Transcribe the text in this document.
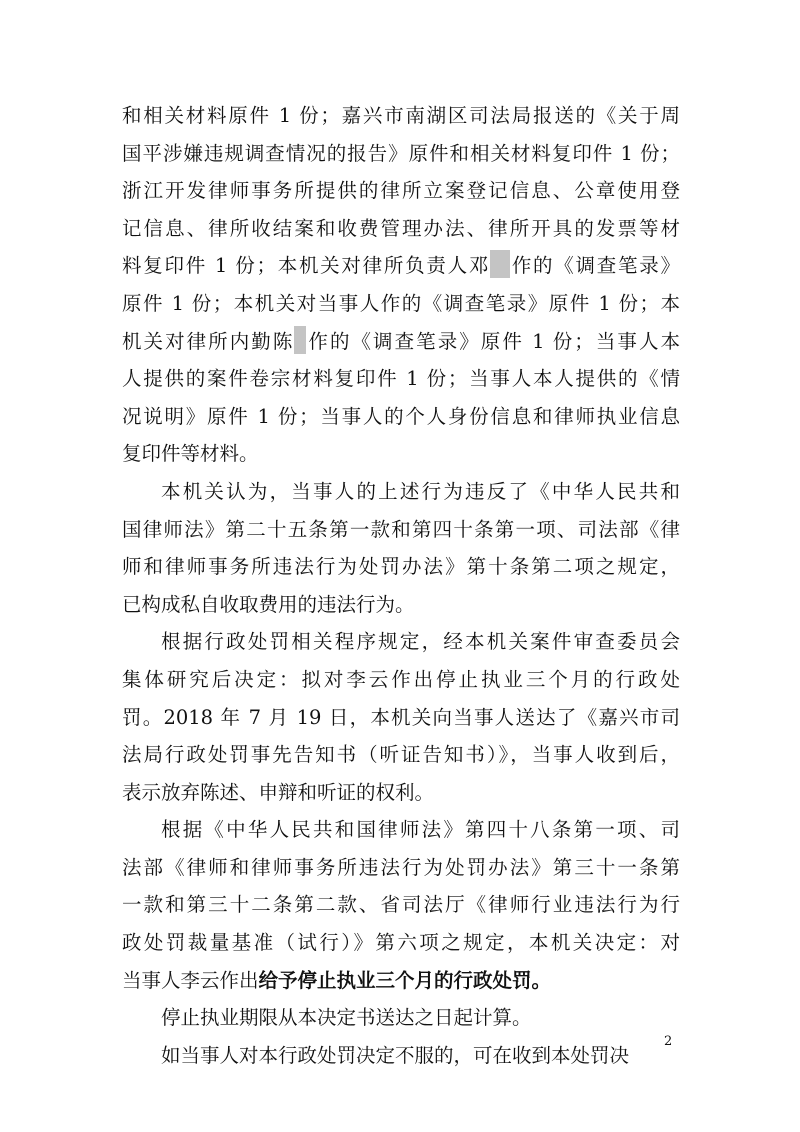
和相关材料原件 1 份；嘉兴市南湖区司法局报送的《关于周

国平涉嫌违规调查情况的报告》原件和相关材料复印件 1 份；

浙江开发律师事务所提供的律所立案登记信息、公章使用登

记信息、律所收结案和收费管理办法、律所开具的发票等材

料复印件 1 份；本机关对律所负责人邓 作的《调查笔录》

原件 1 份；本机关对当事人作的《调查笔录》原件 1 份；本

机关对律所内勤陈 作的《调查笔录》原件 1 份；当事人本

人提供的案件卷宗材料复印件 1 份；当事人本人提供的《情

况说明》原件 1 份；当事人的个人身份信息和律师执业信息

复印件等材料。

本机关认为，当事人的上述行为违反了《中华人民共和

国律师法》第二十五条第一款和第四十条第一项、司法部《律

师和律师事务所违法行为处罚办法》第十条第二项之规定，

已构成私自收取费用的违法行为。

根据行政处罚相关程序规定，经本机关案件审查委员会

集体研究后决定：拟对李云作出停止执业三个月的行政处

罚。2018 年 7 月 19 日，本机关向当事人送达了《嘉兴市司

法局行政处罚事先告知书（听证告知书）》，当事人收到后，

表示放弃陈述、申辩和听证的权利。

根据《中华人民共和国律师法》第四十八条第一项、司

法部《律师和律师事务所违法行为处罚办法》第三十一条第

一款和第三十二条第二款、省司法厅《律师行业违法行为行

政处罚裁量基准（试行）》第六项之规定，本机关决定：对

当事人李云作出给予停止执业三个月的行政处罚。

停止执业期限从本决定书送达之日起计算。

如当事人对本行政处罚决定不服的，可在收到本处罚决

2
